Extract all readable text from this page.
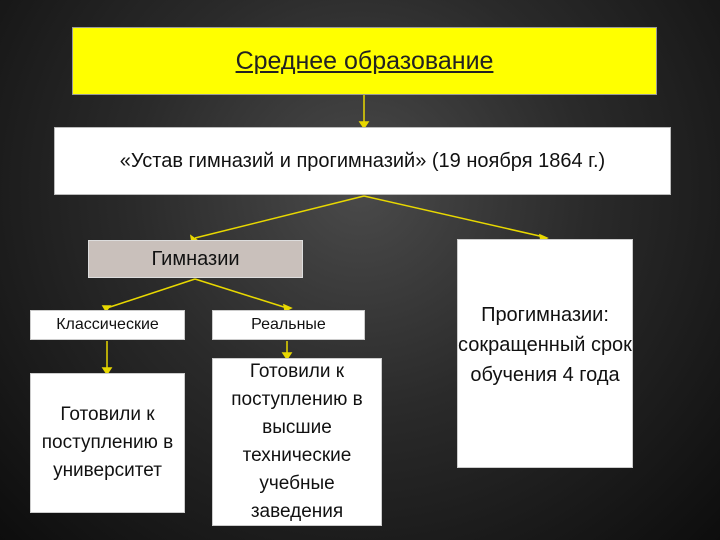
Среднее образование
«Устав гимназий и прогимназий» (19 ноября 1864 г.)
Гимназии
Прогимназии: сокращенный срок обучения 4 года
Классические	Реальные
Готовили к поступлению в университет
Готовили к поступлению в высшие технические учебные заведения
